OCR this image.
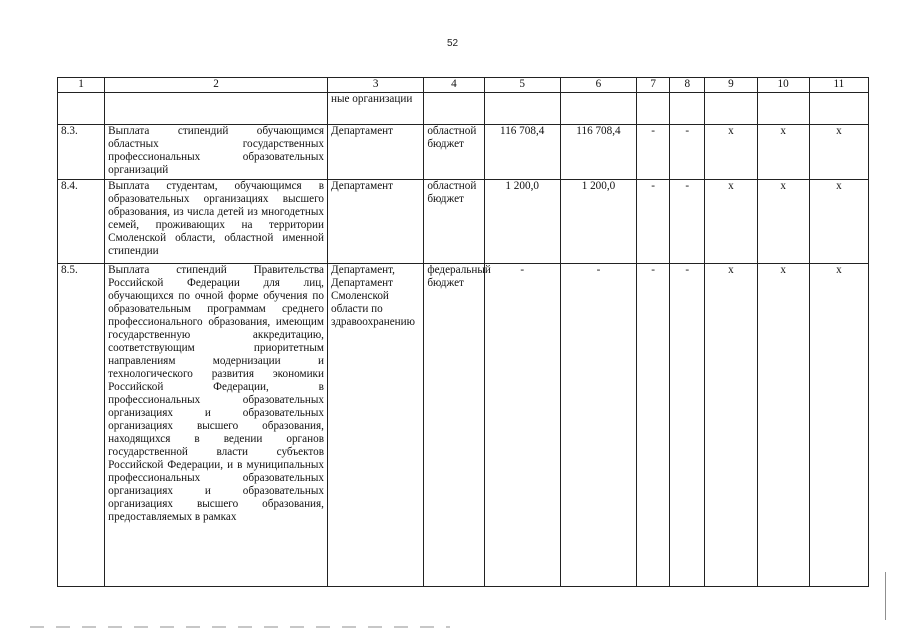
52
1	2	3	4	5	6	7	8	9	10	11
		ные организации								
8.3.	Выплата стипендий обучающимся областных государственных профессиональных образовательных организаций	Департамент	областной бюджет	116 708,4	116 708,4	-	-	x	x	x
8.4.	Выплата студентам, обучающимся в образовательных организациях высшего образования, из числа детей из многодетных семей, проживающих на территории Смоленской области, областной именной стипендии	Департамент	областной бюджет	1 200,0	1 200,0	-	-	x	x	x
8.5.	Выплата стипендий Правительства Российской Федерации для лиц, обучающихся по очной форме обучения по образовательным программам среднего профессионального образования, имеющим государственную аккредитацию, соответствующим приоритетным направлениям модернизации и технологического развития экономики Российской Федерации, в профессиональных образовательных организациях и образовательных организациях высшего образования, находящихся в ведении органов государственной власти субъектов Российской Федерации, и в муниципальных профессиональных образовательных организациях и образовательных организациях высшего образования, предоставляемых в рамках	Департамент, Департамент Смоленской области по здравоохранению	федеральный бюджет	-	-	-	-	x	x	x
